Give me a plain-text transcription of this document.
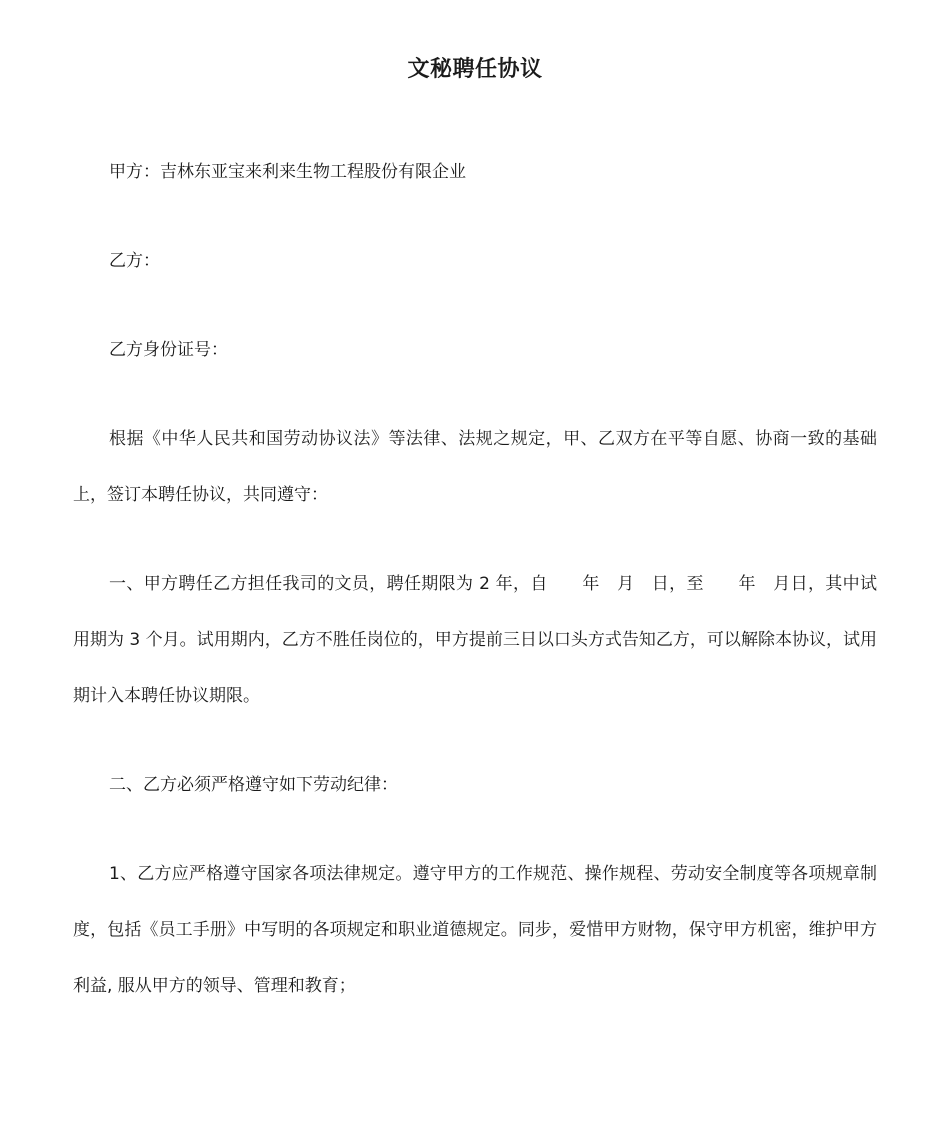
文秘聘任协议

甲方：吉林东亚宝来利来生物工程股份有限企业

乙方：

乙方身份证号：

根据《中华人民共和国劳动协议法》等法律、法规之规定，甲、乙双方在平等自愿、协商一致的基础上，签订本聘任协议，共同遵守：

一、甲方聘任乙方担任我司的文员，聘任期限为 2 年，自　　年　月　日，至　　年　月日，其中试用期为 3 个月。试用期内，乙方不胜任岗位的，甲方提前三日以口头方式告知乙方，可以解除本协议，试用期计入本聘任协议期限。

二、乙方必须严格遵守如下劳动纪律：

1、乙方应严格遵守国家各项法律规定。遵守甲方的工作规范、操作规程、劳动安全制度等各项规章制度，包括《员工手册》中写明的各项规定和职业道德规定。同步，爱惜甲方财物，保守甲方机密，维护甲方利益, 服从甲方的领导、管理和教育；
